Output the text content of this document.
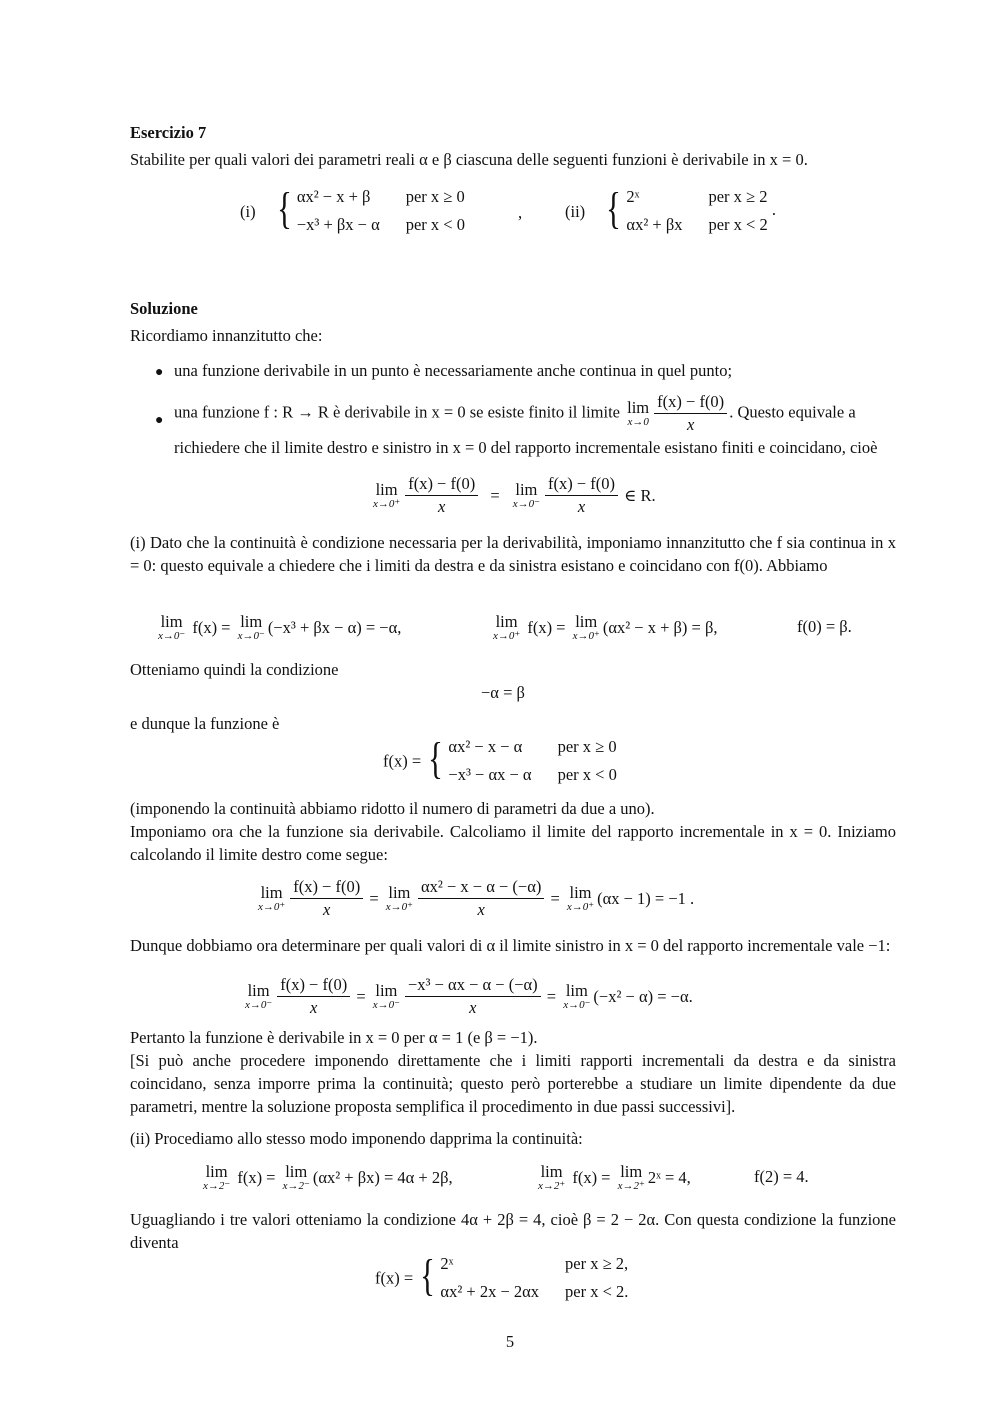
Esercizio 7
Stabilite per quali valori dei parametri reali α e β ciascuna delle seguenti funzioni è derivabile in x = 0.
(i) { αx² − x + β	per x ≥ 0
−x³ + βx − α	per x < 0
,	(ii) { 2ˣ	per x ≥ 2
αx² + βx	per x < 2
.
Soluzione
Ricordiamo innanzitutto che:
● una funzione derivabile in un punto è necessariamente anche continua in quel punto;
● una funzione f : R → R è derivabile in x = 0 se esiste finito il limite lim
$x\to 0 \frac{f(x) - f(0)}{x}$ . Questo equivale a richiedere che il limite destro e sinistro in x = 0 del rapporto incrementale esistano finiti e coincidano, cioè
lim
$x\to 0^+ \frac{f(x) - f(0)}{x} = \lim$
$x\to 0^- \frac{f(x) - f(0)}{x}$ ∈ R.
(i) Dato che la continuità è condizione necessaria per la derivabilità, imponiamo innanzitutto che f sia continua in x = 0: questo equivale a chiedere che i limiti da destra e da sinistra esistano e coincidano con f(0). Abbiamo
lim
x→0⁻ f(x) = lim
x→0⁻ (−x³ + βx − α) = −α,	lim
x→0⁺ f(x) = lim
x→0⁺ (αx² − x + β) = β,	f(0) = β.
Otteniamo quindi la condizione
−α = β
e dunque la funzione è
f(x) = { αx² − x − α	per x ≥ 0
−x³ − αx − α	per x < 0
(imponendo la continuità abbiamo ridotto il numero di parametri da due a uno).
Imponiamo ora che la funzione sia derivabile. Calcoliamo il limite del rapporto incrementale in x = 0. Iniziamo calcolando il limite destro come segue:
lim
$x\to 0^+ \frac{f(x) - f(0)}{x} = \lim$
$x\to 0^+ \frac{\text{αx² − x − α − (−α)}}{x} = \lim$
x→0⁺ (αx − 1) = −1 .
Dunque dobbiamo ora determinare per quali valori di α il limite sinistro in x = 0 del rapporto incrementale vale −1:
lim
$x\to 0^- \frac{f(x) - f(0)}{x} = \lim$
$x\to 0^- \frac{\text{−x³ − αx − α − (−α)}}{x} = \lim$
x→0⁻ (−x² − α) = −α.
Pertanto la funzione è derivabile in x = 0 per α = 1 (e β = −1).
[Si può anche procedere imponendo direttamente che i limiti rapporti incrementali da destra e da sinistra coincidano, senza imporre prima la continuità; questo però porterebbe a studiare un limite dipendente da due parametri, mentre la soluzione proposta semplifica il procedimento in due passi successivi].
(ii) Procediamo allo stesso modo imponendo dapprima la continuità:
lim
x→2⁻ f(x) = lim
x→2⁻ (αx² + βx) = 4α + 2β,	lim
x→2⁺ f(x) = lim
x→2⁺ 2ˣ = 4,	f(2) = 4.
Uguagliando i tre valori otteniamo la condizione 4α + 2β = 4, cioè β = 2 − 2α. Con questa condizione la funzione diventa
f(x) = { 2ˣ	per x ≥ 2,
αx² + 2x − 2αx	per x < 2.
5
